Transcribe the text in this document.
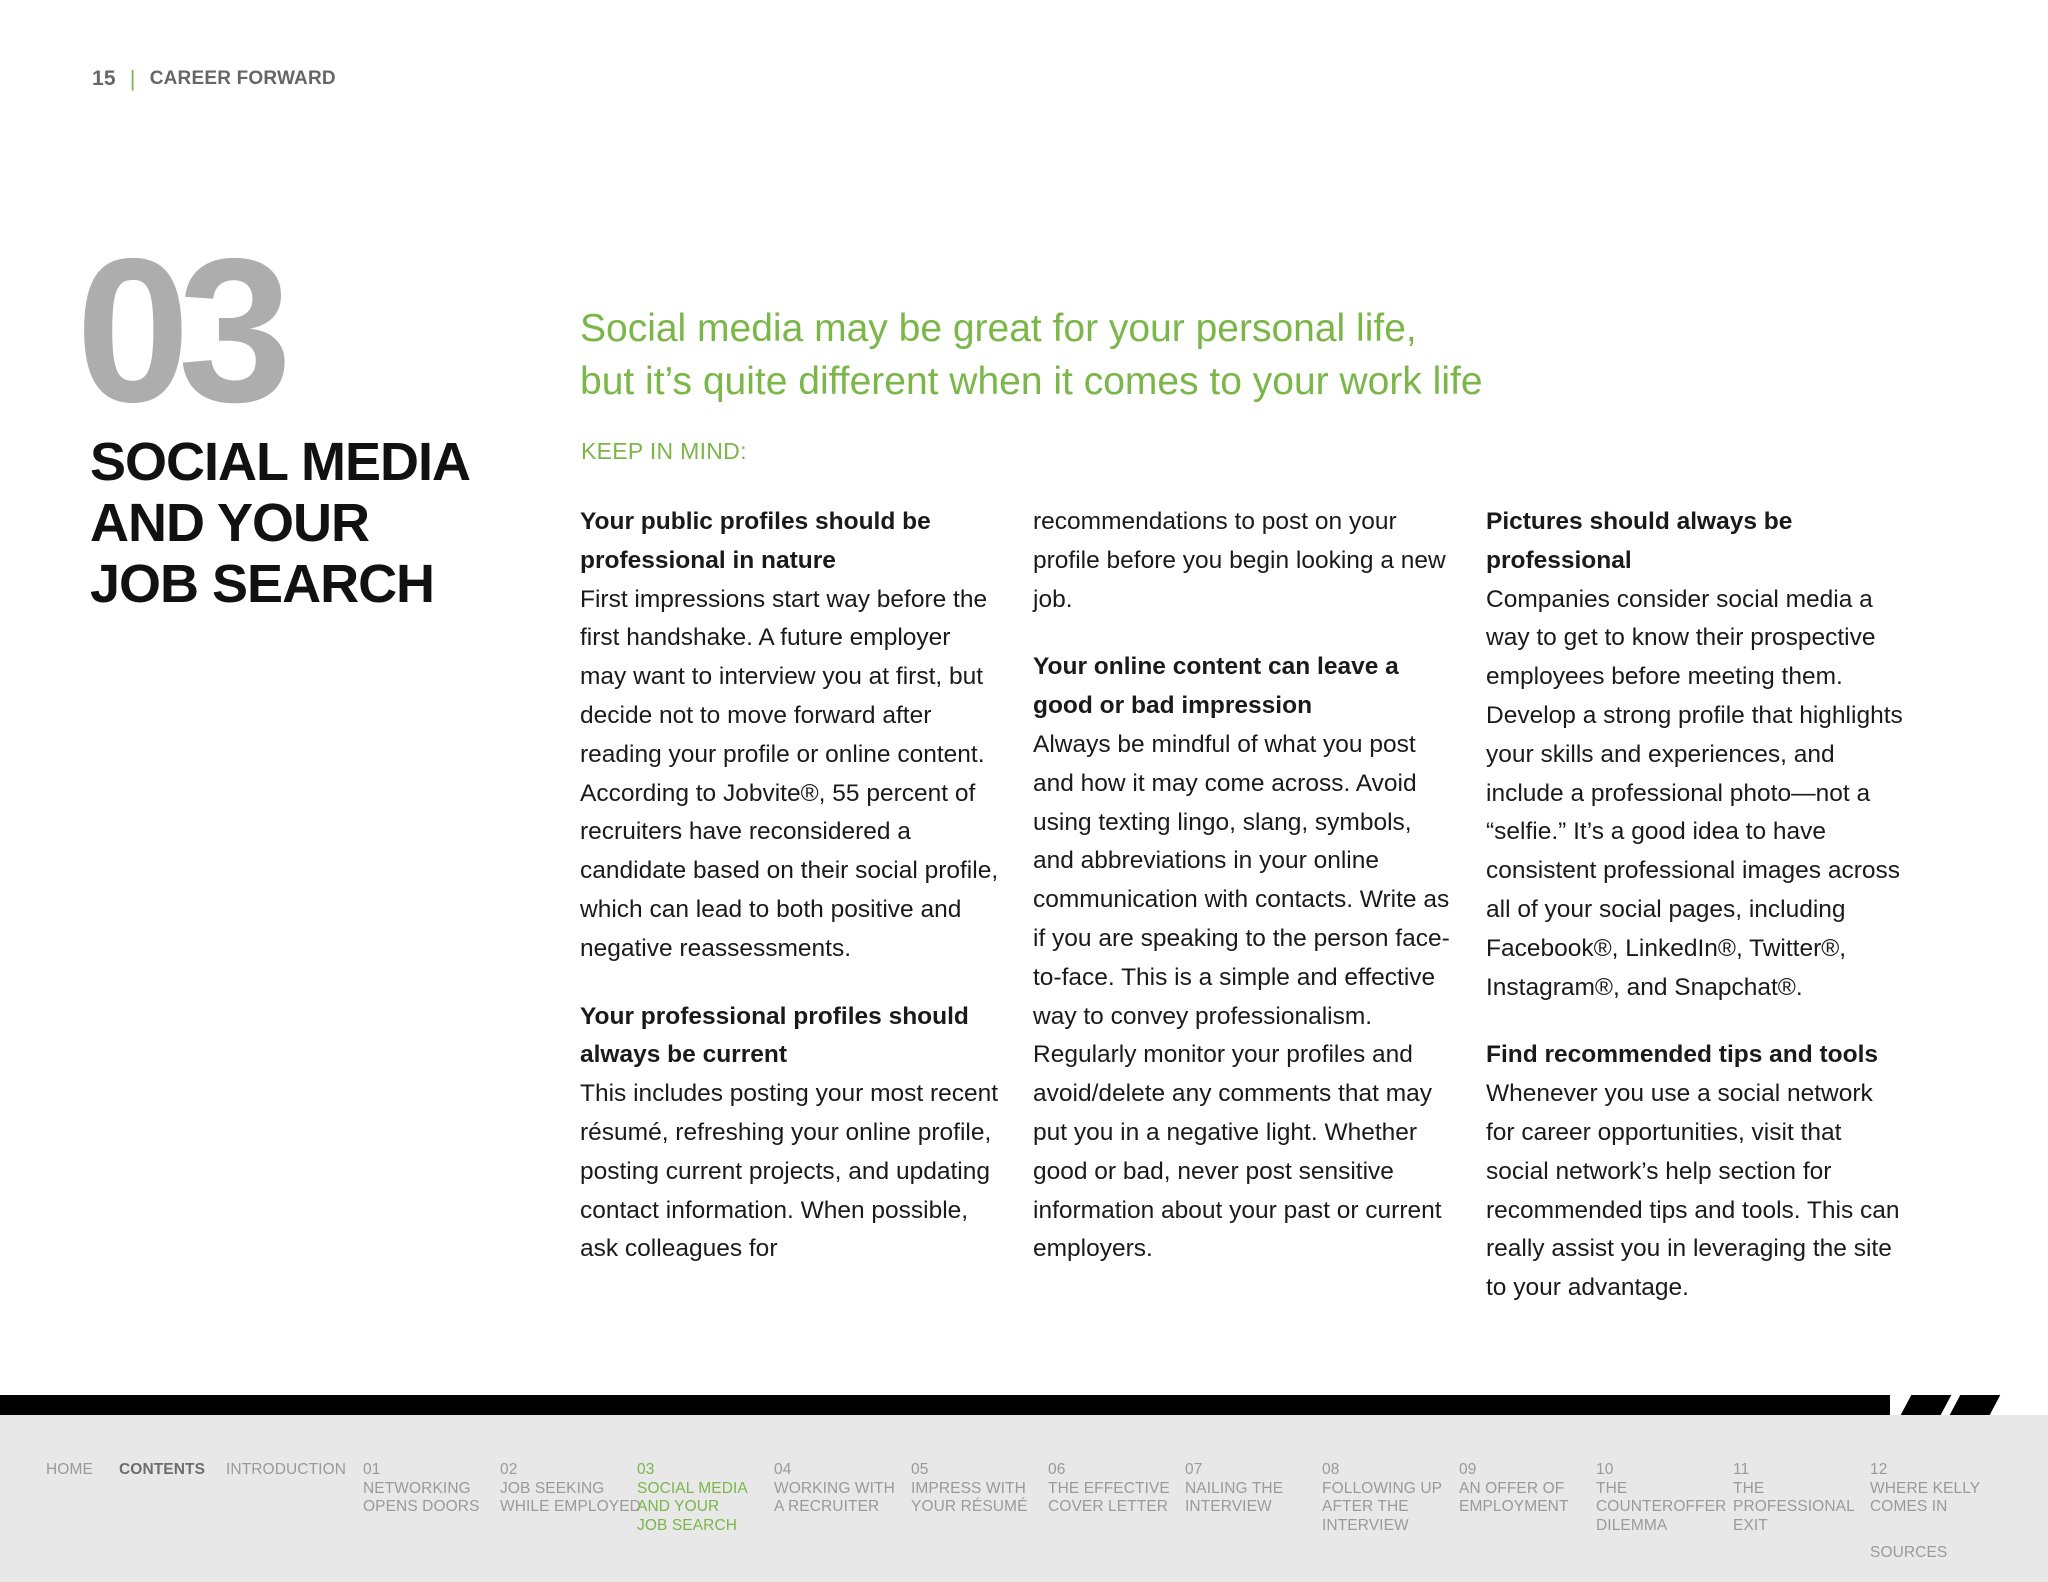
15 | CAREER FORWARD
03
SOCIAL MEDIA
AND YOUR
JOB SEARCH
Social media may be great for your personal life,
but it’s quite different when it comes to your work life
KEEP IN MIND:
Your public profiles should be professional in nature

First impressions start way before the first handshake. A future employer may want to interview you at first, but decide not to move forward after reading your profile or online content. According to Jobvite®, 55 percent of recruiters have reconsidered a candidate based on their social profile, which can lead to both positive and negative reassessments.

Your professional profiles should always be current

This includes posting your most recent résumé, refreshing your online profile, posting current projects, and updating contact information. When possible, ask colleagues for

recommendations to post on your profile before you begin looking a new job.

Your online content can leave a good or bad impression

Always be mindful of what you post and how it may come across. Avoid using texting lingo, slang, symbols, and abbreviations in your online communication with contacts. Write as if you are speaking to the person face-to-face. This is a simple and effective way to convey professionalism. Regularly monitor your profiles and avoid/delete any comments that may put you in a negative light. Whether good or bad, never post sensitive information about your past or current employers.

Pictures should always be professional

Companies consider social media a way to get to know their prospective employees before meeting them. Develop a strong profile that highlights your skills and experiences, and include a professional photo—not a “selfie.” It’s a good idea to have consistent professional images across all of your social pages, including Facebook®, LinkedIn®, Twitter®, Instagram®, and Snapchat®.

Find recommended tips and tools

Whenever you use a social network for career opportunities, visit that social network’s help section for recommended tips and tools. This can really assist you in leveraging the site to your advantage.

HOME CONTENTS INTRODUCTION 01
NETWORKING
OPENS DOORS
02
JOB SEEKING
WHILE EMPLOYED
03
SOCIAL MEDIA
AND YOUR
JOB SEARCH
04
WORKING WITH
A RECRUITER
05
IMPRESS WITH
YOUR RÉSUMÉ
06
THE EFFECTIVE
COVER LETTER
07
NAILING THE
INTERVIEW
08
FOLLOWING UP
AFTER THE
INTERVIEW
09
AN OFFER OF
EMPLOYMENT
10
THE
COUNTEROFFER
DILEMMA
11
THE
PROFESSIONAL
EXIT
12
WHERE KELLY
COMES IN
SOURCES
